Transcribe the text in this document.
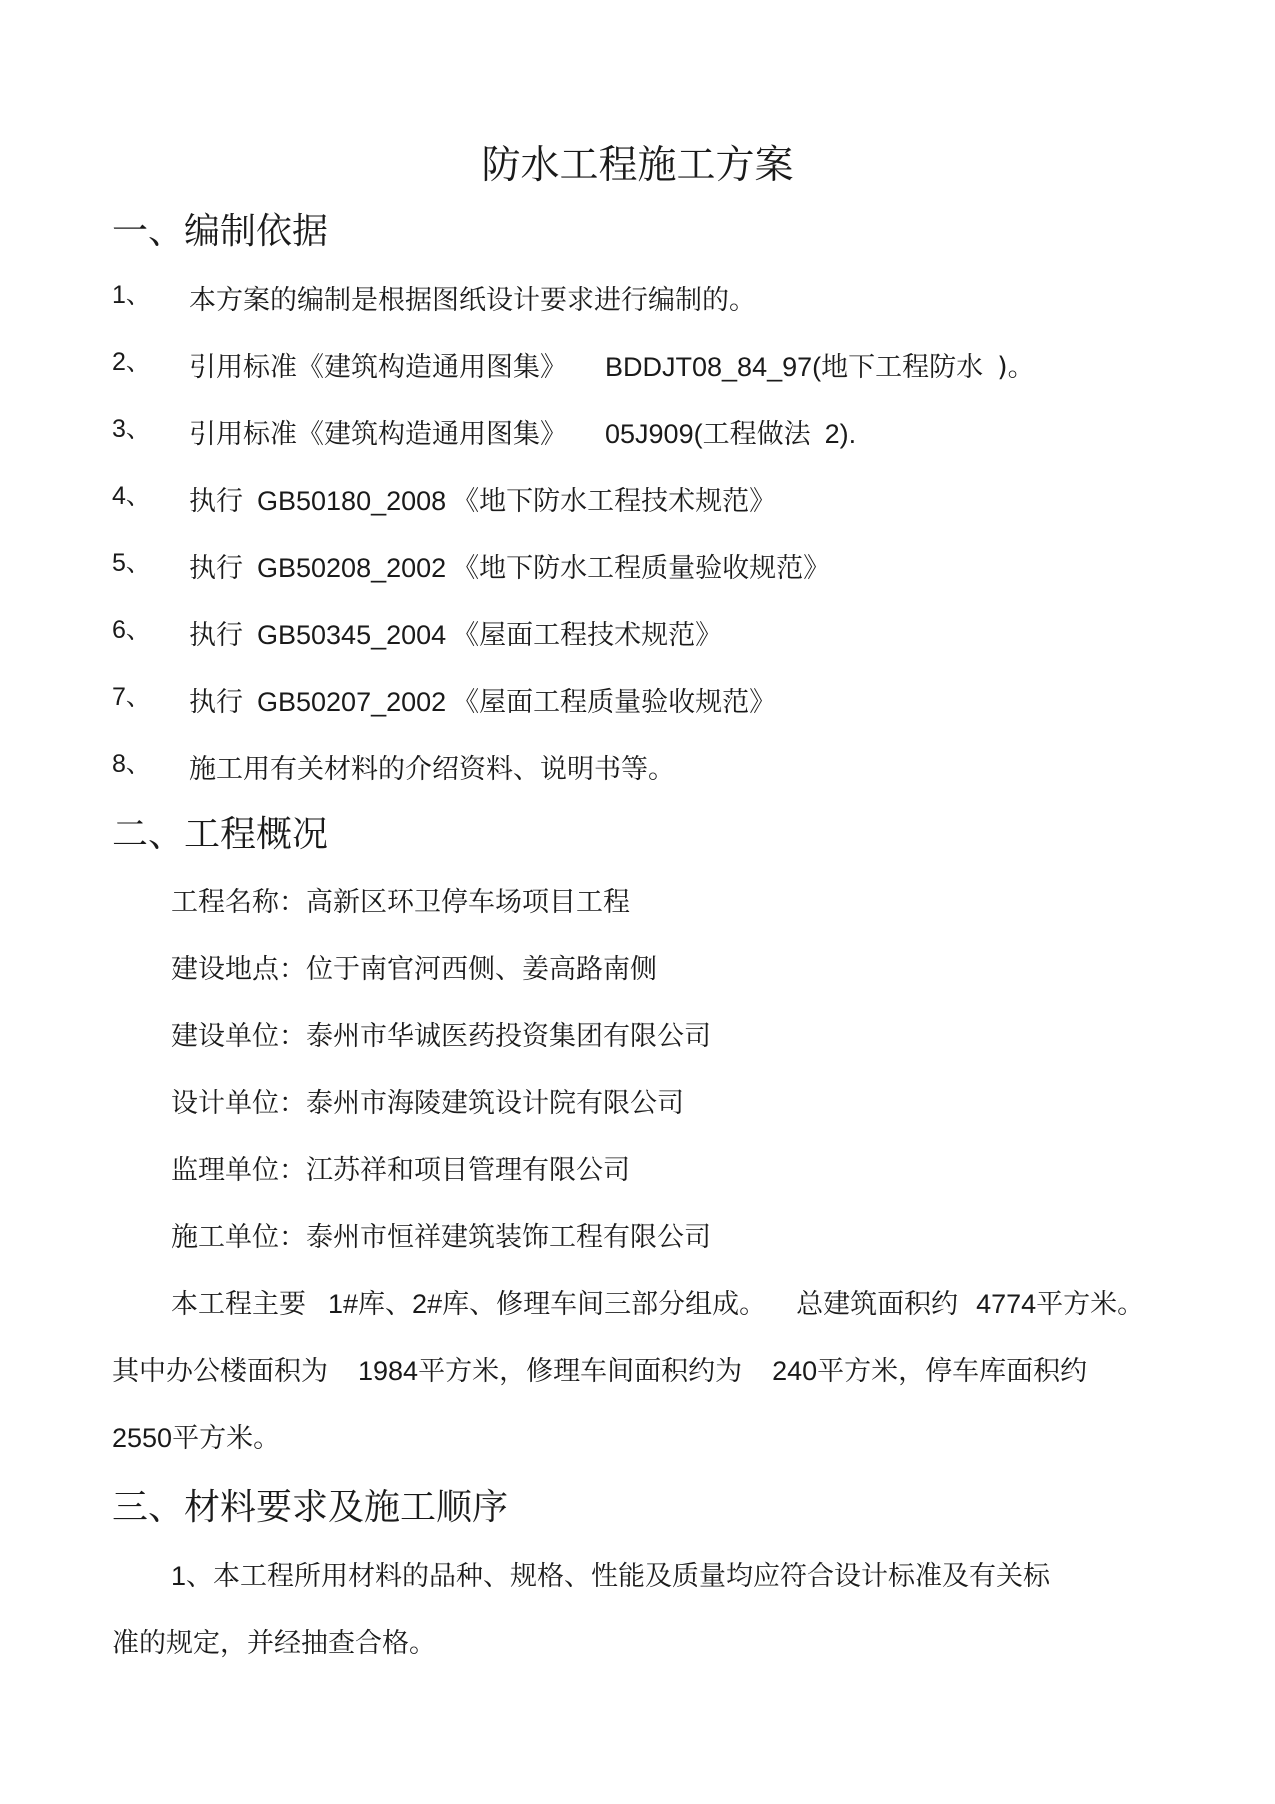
防水工程施工方案
一、编制依据
1、 本方案的编制是根据图纸设计要求进行编制的。
2、 引用标准《建筑构造通用图集》 BDDJT08_84_97(地下工程防水 )。
3、 引用标准《建筑构造通用图集》 05J909(工程做法 2).
4、 执行 GB50180_2008 《地下防水工程技术规范》
5、 执行 GB50208_2002 《地下防水工程质量验收规范》
6、 执行 GB50345_2004 《屋面工程技术规范》
7、 执行 GB50207_2002 《屋面工程质量验收规范》
8、 施工用有关材料的介绍资料、说明书等。
二、工程概况
工程名称：高新区环卫停车场项目工程
建设地点：位于南官河西侧、姜高路南侧
建设单位：泰州市华诚医药投资集团有限公司
设计单位：泰州市海陵建筑设计院有限公司
监理单位：江苏祥和项目管理有限公司
施工单位：泰州市恒祥建筑装饰工程有限公司
本工程主要 1#库、2#库、修理车间三部分组成。 总建筑面积约 4774平方米。
其中办公楼面积为 1984平方米，修理车间面积约为 240平方米，停车库面积约
2550平方米。
三、材料要求及施工顺序
1、本工程所用材料的品种、规格、性能及质量均应符合设计标准及有关标
准的规定，并经抽查合格。
